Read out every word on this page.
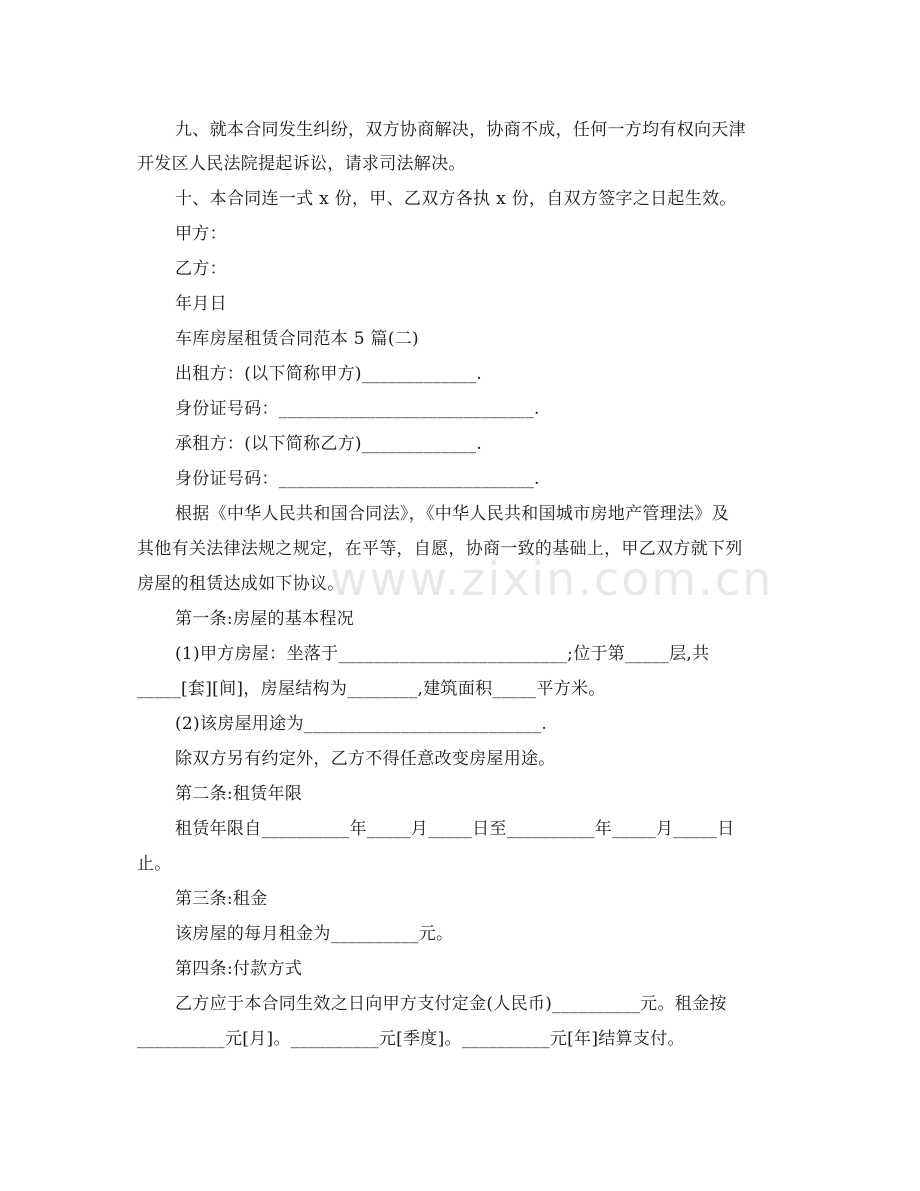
www.zixin.com.cn
九、就本合同发生纠纷，双方协商解决，协商不成，任何一方均有权向天津
开发区人民法院提起诉讼，请求司法解决。
十、本合同连一式 x 份，甲、乙双方各执 x 份，自双方签字之日起生效。
甲方：
乙方：
年月日
车库房屋租赁合同范本 5 篇(二)
出租方：(以下简称甲方)_____________.
身份证号码：_____________________________.
承租方：(以下简称乙方)_____________.
身份证号码：_____________________________.
根据《中华人民共和国合同法》，《中华人民共和国城市房地产管理法》及
其他有关法律法规之规定，在平等，自愿，协商一致的基础上，甲乙双方就下列
房屋的租赁达成如下协议。
第一条:房屋的基本程况
(1)甲方房屋：坐落于__________________________;位于第_____层,共
_____[套][间]，房屋结构为________,建筑面积_____平方米。
(2)该房屋用途为___________________________.
除双方另有约定外，乙方不得任意改变房屋用途。
第二条:租赁年限
租赁年限自__________年_____月_____日至__________年_____月_____日
止。
第三条:租金
该房屋的每月租金为__________元。
第四条:付款方式
乙方应于本合同生效之日向甲方支付定金(人民币)__________元。租金按
__________元[月]。__________元[季度]。__________元[年]结算支付。
